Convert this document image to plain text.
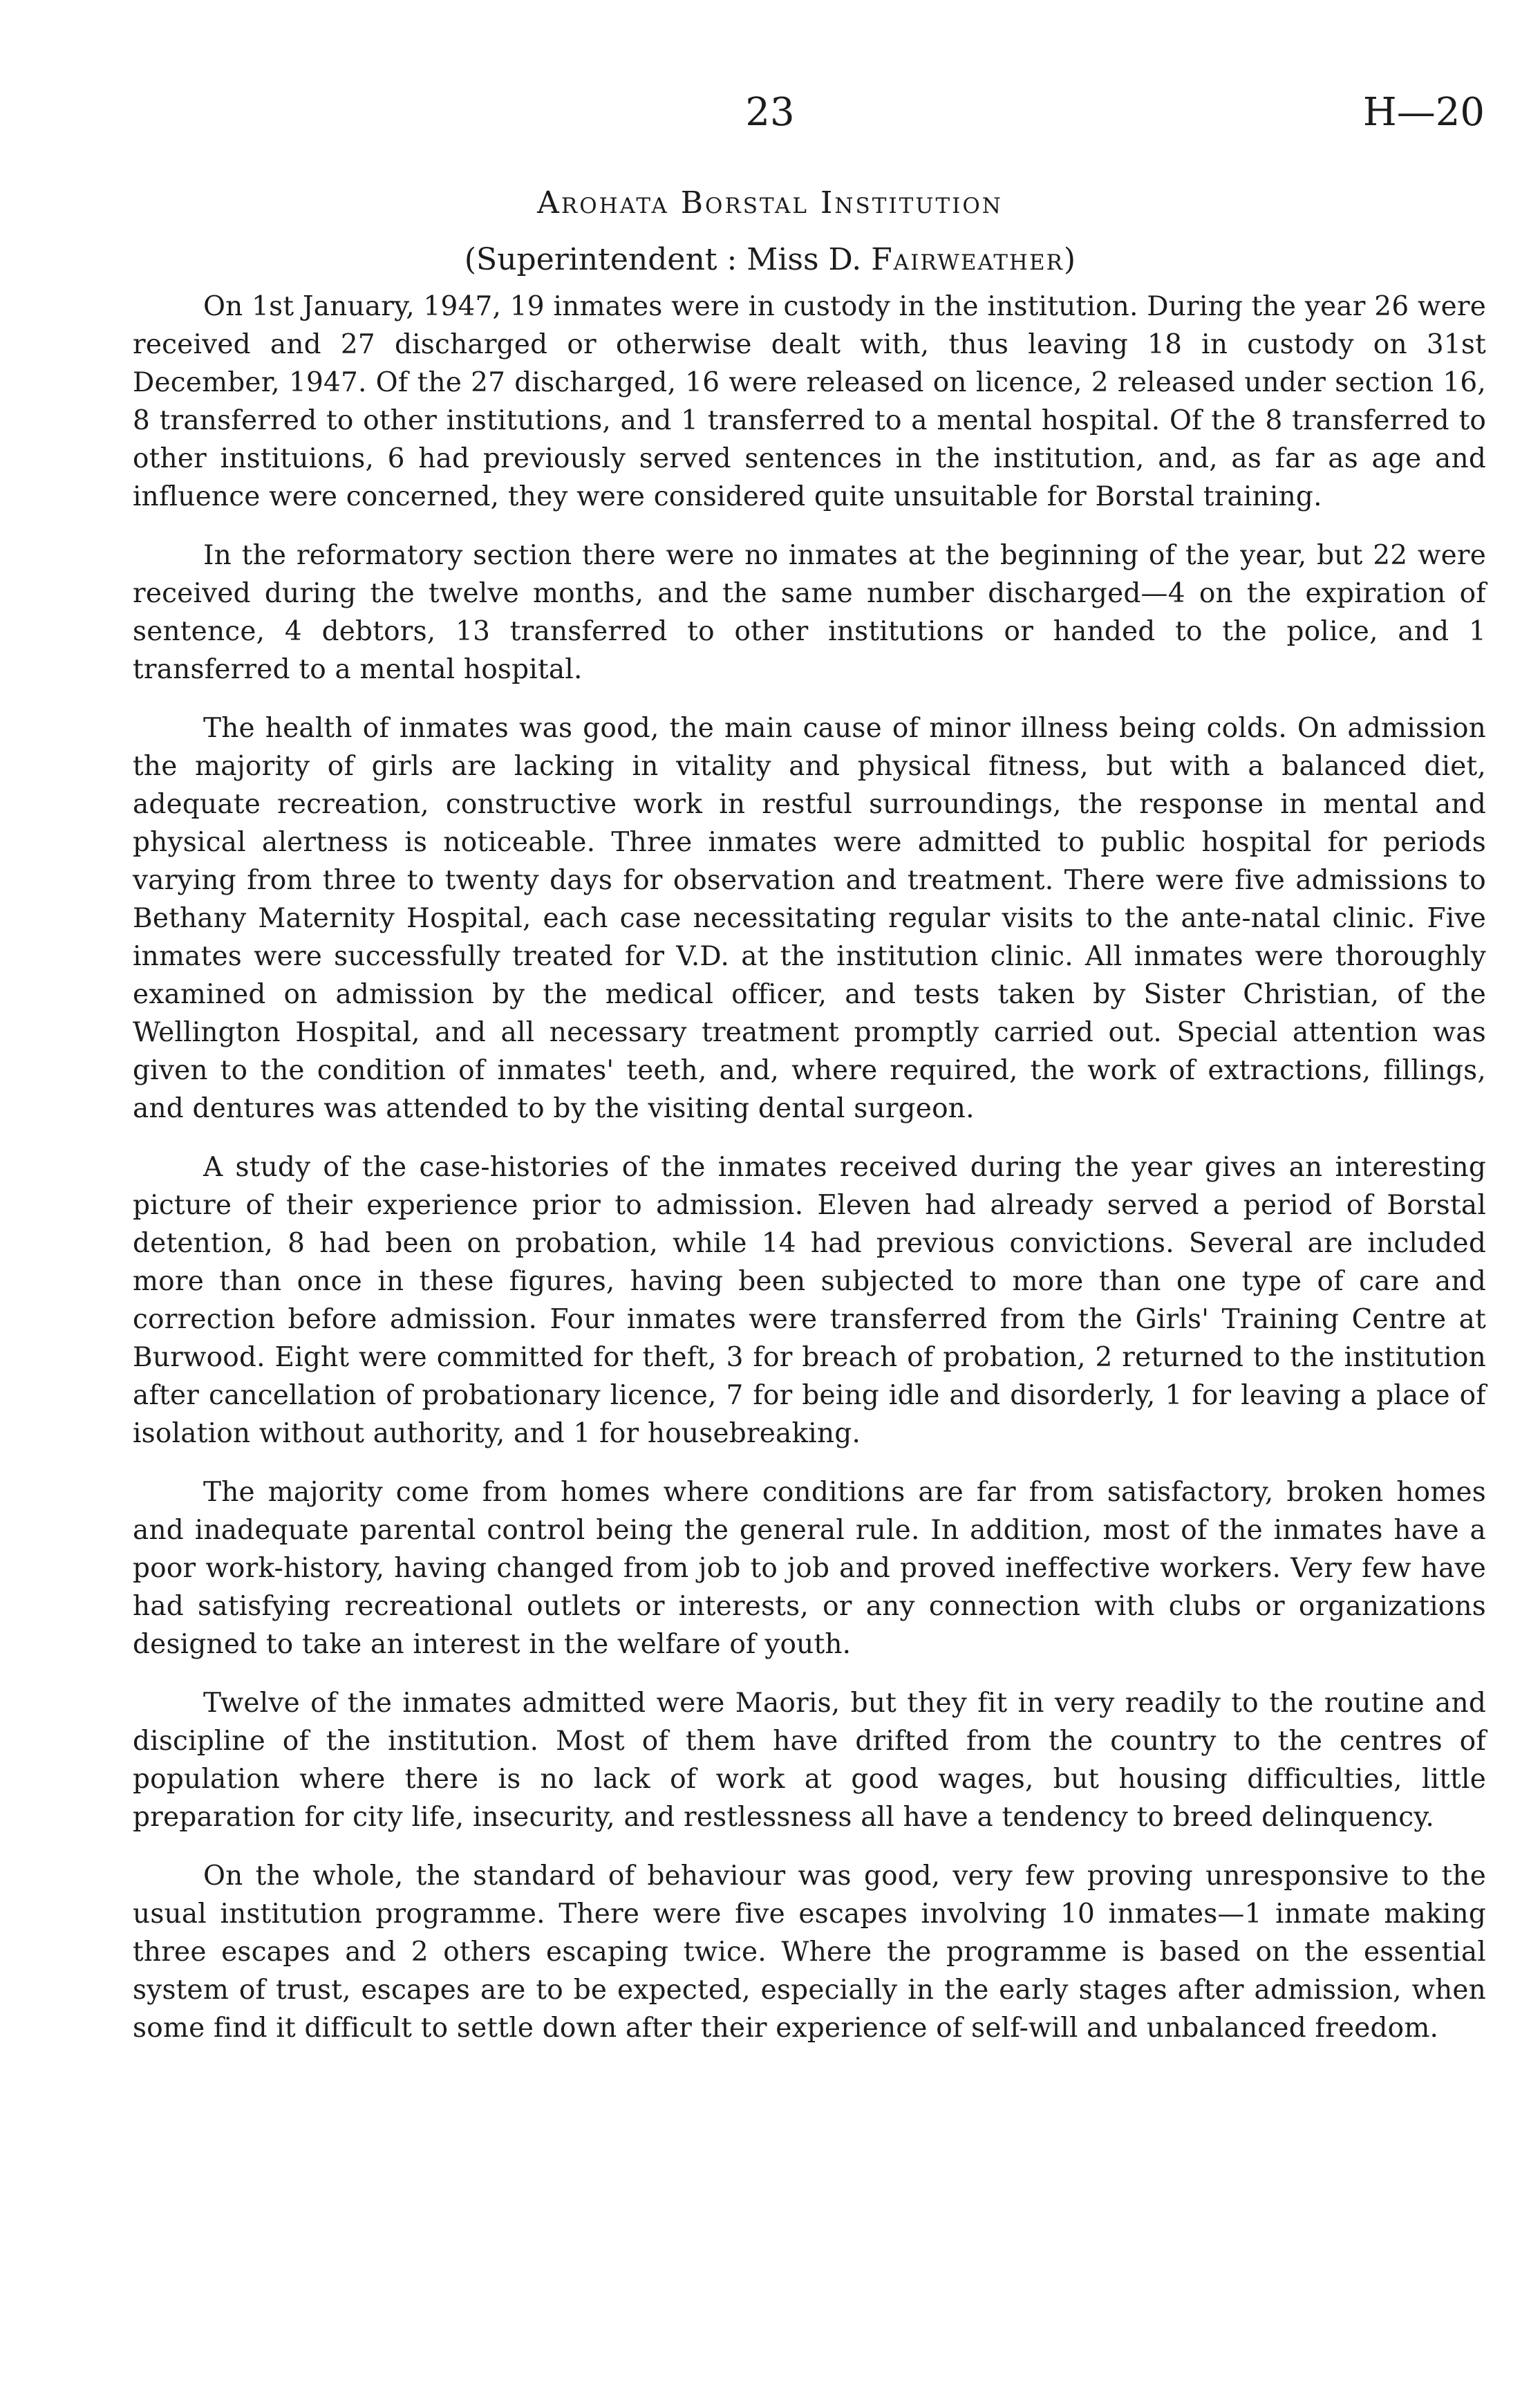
23	H—20
Arohata Borstal Institution
(Superintendent : Miss D. Fairweather)

On 1st January, 1947, 19 inmates were in custody in the institution. During the year 26 were received and 27 discharged or otherwise dealt with, thus leaving 18 in custody on 31st December, 1947. Of the 27 discharged, 16 were released on licence, 2 released under section 16, 8 transferred to other institutions, and 1 transferred to a mental hospital. Of the 8 transferred to other instituions, 6 had previously served sentences in the institution, and, as far as age and influence were concerned, they were considered quite unsuitable for Borstal training.

In the reformatory section there were no inmates at the beginning of the year, but 22 were received during the twelve months, and the same number discharged—4 on the expiration of sentence, 4 debtors, 13 transferred to other institutions or handed to the police, and 1 transferred to a mental hospital.

The health of inmates was good, the main cause of minor illness being colds. On admission the majority of girls are lacking in vitality and physical fitness, but with a balanced diet, adequate recreation, constructive work in restful surroundings, the response in mental and physical alertness is noticeable. Three inmates were admitted to public hospital for periods varying from three to twenty days for observation and treatment. There were five admissions to Bethany Maternity Hospital, each case necessitating regular visits to the ante-natal clinic. Five inmates were successfully treated for V.D. at the institution clinic. All inmates were thoroughly examined on admission by the medical officer, and tests taken by Sister Christian, of the Wellington Hospital, and all necessary treatment promptly carried out. Special attention was given to the condition of inmates' teeth, and, where required, the work of extractions, fillings, and dentures was attended to by the visiting dental surgeon.

A study of the case-histories of the inmates received during the year gives an interesting picture of their experience prior to admission. Eleven had already served a period of Borstal detention, 8 had been on probation, while 14 had previous convictions. Several are included more than once in these figures, having been subjected to more than one type of care and correction before admission. Four inmates were transferred from the Girls' Training Centre at Burwood. Eight were committed for theft, 3 for breach of probation, 2 returned to the institution after cancellation of probationary licence, 7 for being idle and disorderly, 1 for leaving a place of isolation without authority, and 1 for housebreaking.

The majority come from homes where conditions are far from satisfactory, broken homes and inadequate parental control being the general rule. In addition, most of the inmates have a poor work-history, having changed from job to job and proved ineffective workers. Very few have had satisfying recreational outlets or interests, or any connection with clubs or organizations designed to take an interest in the welfare of youth.

Twelve of the inmates admitted were Maoris, but they fit in very readily to the routine and discipline of the institution. Most of them have drifted from the country to the centres of population where there is no lack of work at good wages, but housing difficulties, little preparation for city life, insecurity, and restlessness all have a tendency to breed delinquency.

On the whole, the standard of behaviour was good, very few proving unresponsive to the usual institution programme. There were five escapes involving 10 inmates—1 inmate making three escapes and 2 others escaping twice. Where the programme is based on the essential system of trust, escapes are to be expected, especially in the early stages after admission, when some find it difficult to settle down after their experience of self-will and unbalanced freedom.
